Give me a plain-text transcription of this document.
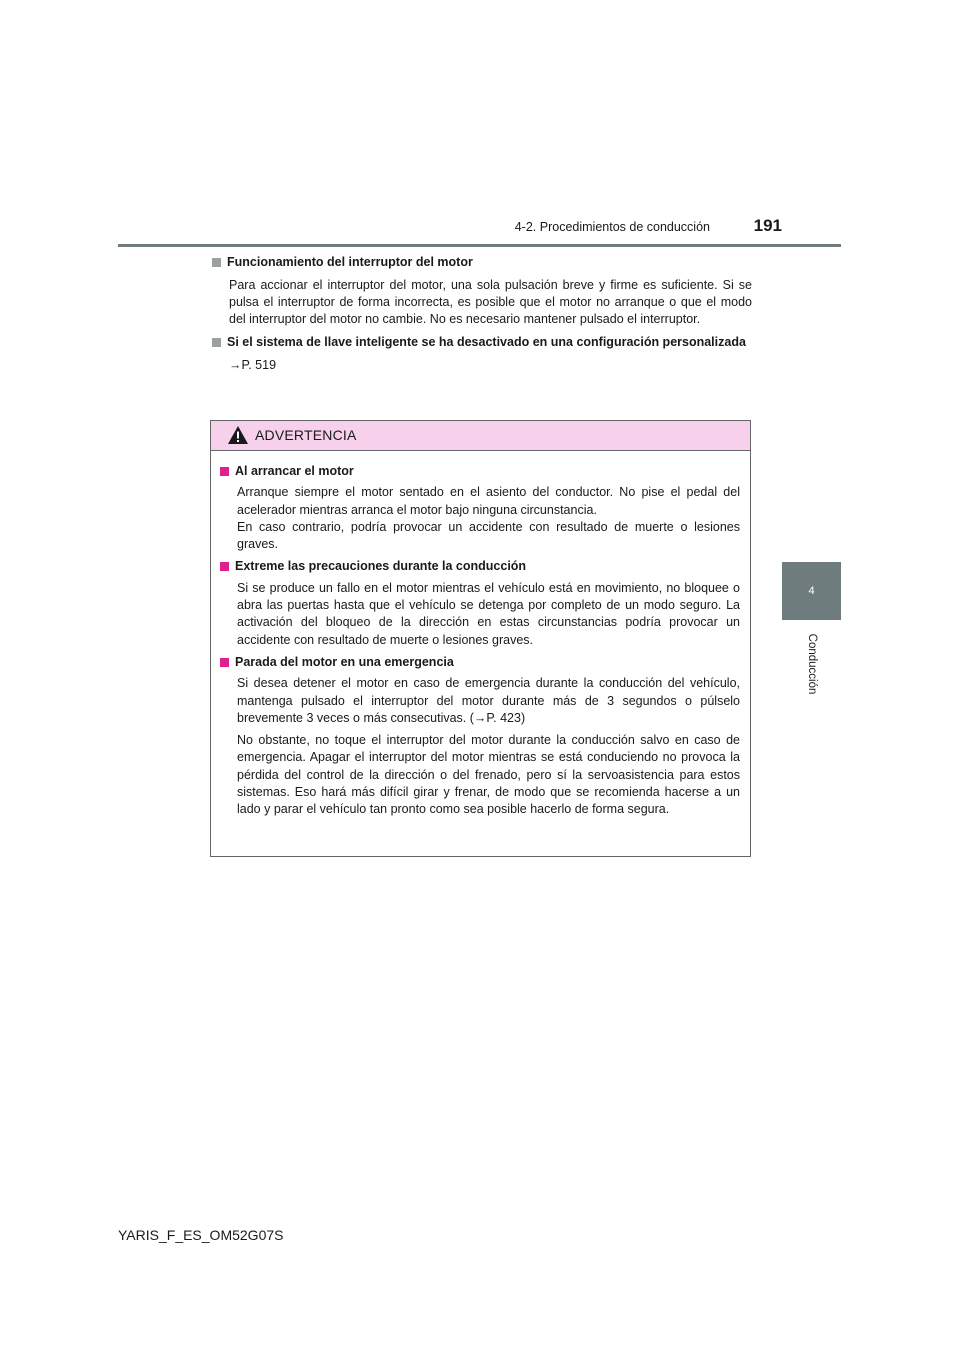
4-2. Procedimientos de conducción	191
4
Conducción

Funcionamiento del interruptor del motor

Para accionar el interruptor del motor, una sola pulsación breve y firme es suficiente. Si se pulsa el interruptor de forma incorrecta, es posible que el motor no arranque o que el modo del interruptor del motor no cambie. No es necesario mantener pulsado el interruptor.

Si el sistema de llave inteligente se ha desactivado en una configuración personalizada

→P. 519

ADVERTENCIA

Al arrancar el motor

Arranque siempre el motor sentado en el asiento del conductor. No pise el pedal del acelerador mientras arranca el motor bajo ninguna circunstancia.

En caso contrario, podría provocar un accidente con resultado de muerte o lesiones graves.

Extreme las precauciones durante la conducción

Si se produce un fallo en el motor mientras el vehículo está en movimiento, no bloquee o abra las puertas hasta que el vehículo se detenga por completo de un modo seguro. La activación del bloqueo de la dirección en estas circunstancias podría provocar un accidente con resultado de muerte o lesiones graves.

Parada del motor en una emergencia

Si desea detener el motor en caso de emergencia durante la conducción del vehículo, mantenga pulsado el interruptor del motor durante más de 3 segundos o púlselo brevemente 3 veces o más consecutivas. (→P. 423)

No obstante, no toque el interruptor del motor durante la conducción salvo en caso de emergencia. Apagar el interruptor del motor mientras se está conduciendo no provoca la pérdida del control de la dirección o del frenado, pero sí la servoasistencia para estos sistemas. Eso hará más difícil girar y frenar, de modo que se recomienda hacerse a un lado y parar el vehículo tan pronto como sea posible hacerlo de forma segura.

YARIS_F_ES_OM52G07S
